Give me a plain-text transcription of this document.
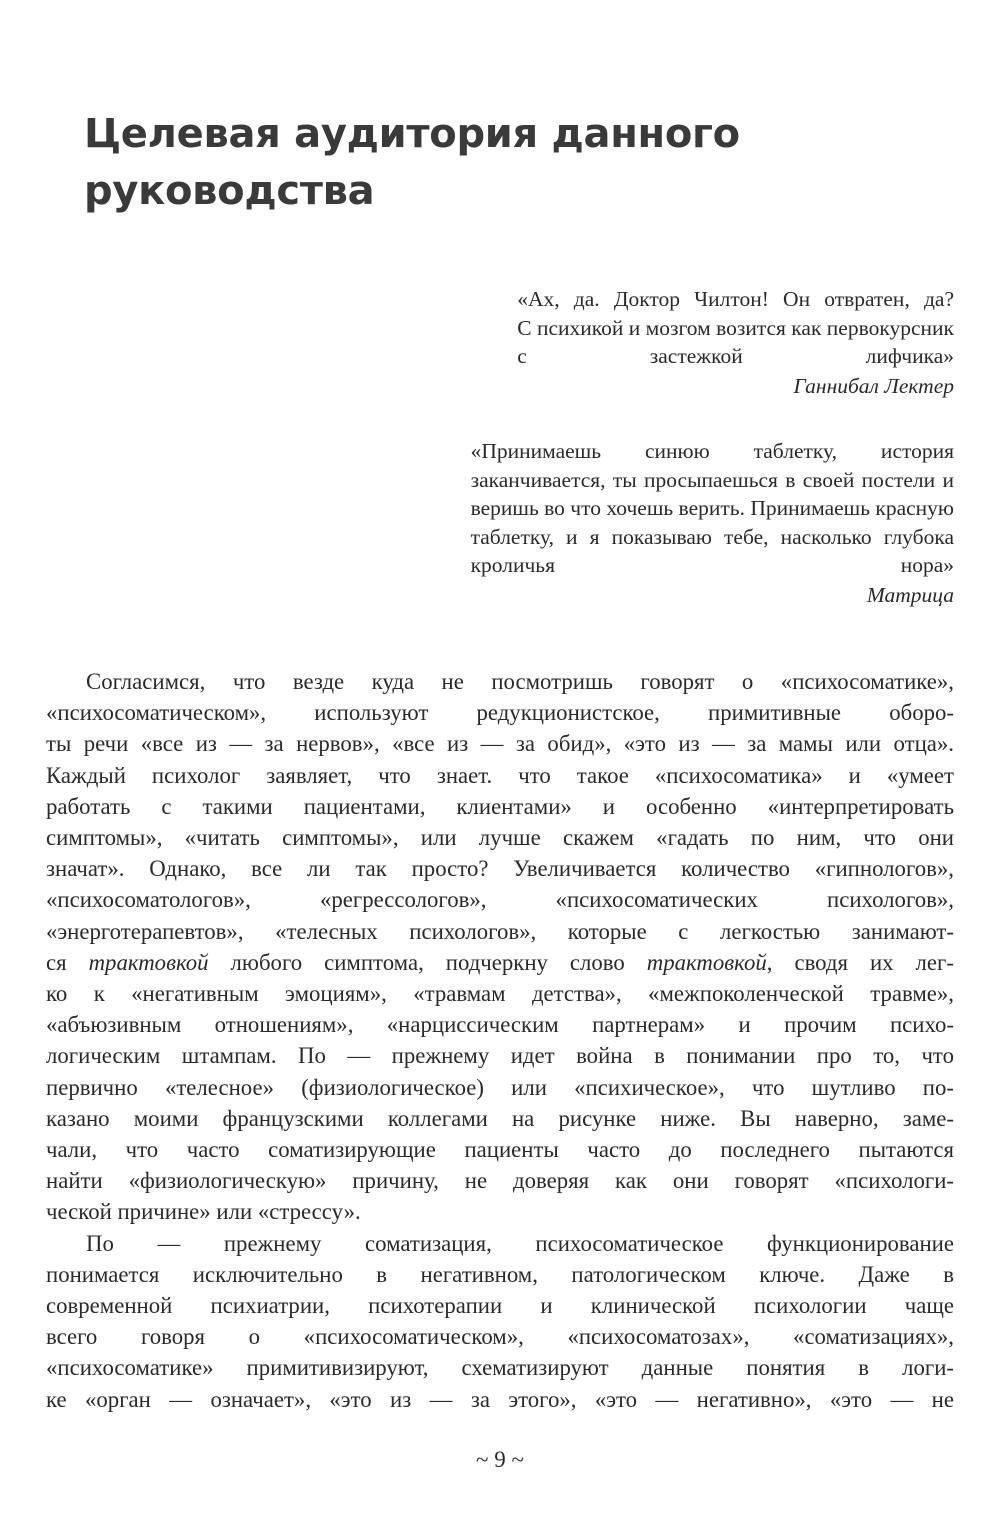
Целевая аудитория данного
руководства
«Ах, да. Доктор Чилтон! Он отвратен, да?
С психикой и мозгом возится как первокурсник
с застежкой лифчика»
Ганнибал Лектер
«Принимаешь синюю таблетку, история
заканчивается, ты просыпаешься в своей постели и
веришь во что хочешь верить. Принимаешь красную
таблетку, и я показываю тебе, насколько глубока
кроличья нора»
Матрица
Согласимся, что везде куда не посмотришь говорят о «психосоматике»,
«психосоматическом», используют редукционистское, примитивные оборо-
ты речи «все из — за нервов», «все из — за обид», «это из — за мамы или отца».
Каждый психолог заявляет, что знает. что такое «психосоматика» и «умеет
работать с такими пациентами, клиентами» и особенно «интерпретировать
симптомы», «читать симптомы», или лучше скажем «гадать по ним, что они
значат». Однако, все ли так просто? Увеличивается количество «гипнологов»,
«психосоматологов», «регрессологов», «психосоматических психологов»,
«энерготерапевтов», «телесных психологов», которые с легкостью занимают-
ся трактовкой любого симптома, подчеркну слово трактовкой, сводя их лег-
ко к «негативным эмоциям», «травмам детства», «межпоколенческой травме»,
«абъюзивным отношениям», «нарциссическим партнерам» и прочим психо-
логическим штампам. По — прежнему идет война в понимании про то, что
первично «телесное» (физиологическое) или «психическое», что шутливо по-
казано моими французскими коллегами на рисунке ниже. Вы наверно, заме-
чали, что часто соматизирующие пациенты часто до последнего пытаются
найти «физиологическую» причину, не доверяя как они говорят «психологи-
ческой причине» или «стрессу».
По — прежнему соматизация, психосоматическое функционирование
понимается исключительно в негативном, патологическом ключе. Даже в
современной психиатрии, психотерапии и клинической психологии чаще
всего говоря о «психосоматическом», «психосоматозах», «соматизациях»,
«психосоматике» примитивизируют, схематизируют данные понятия в логи-
ке «орган — означает», «это из — за этого», «это — негативно», «это — не
~ 9 ~
